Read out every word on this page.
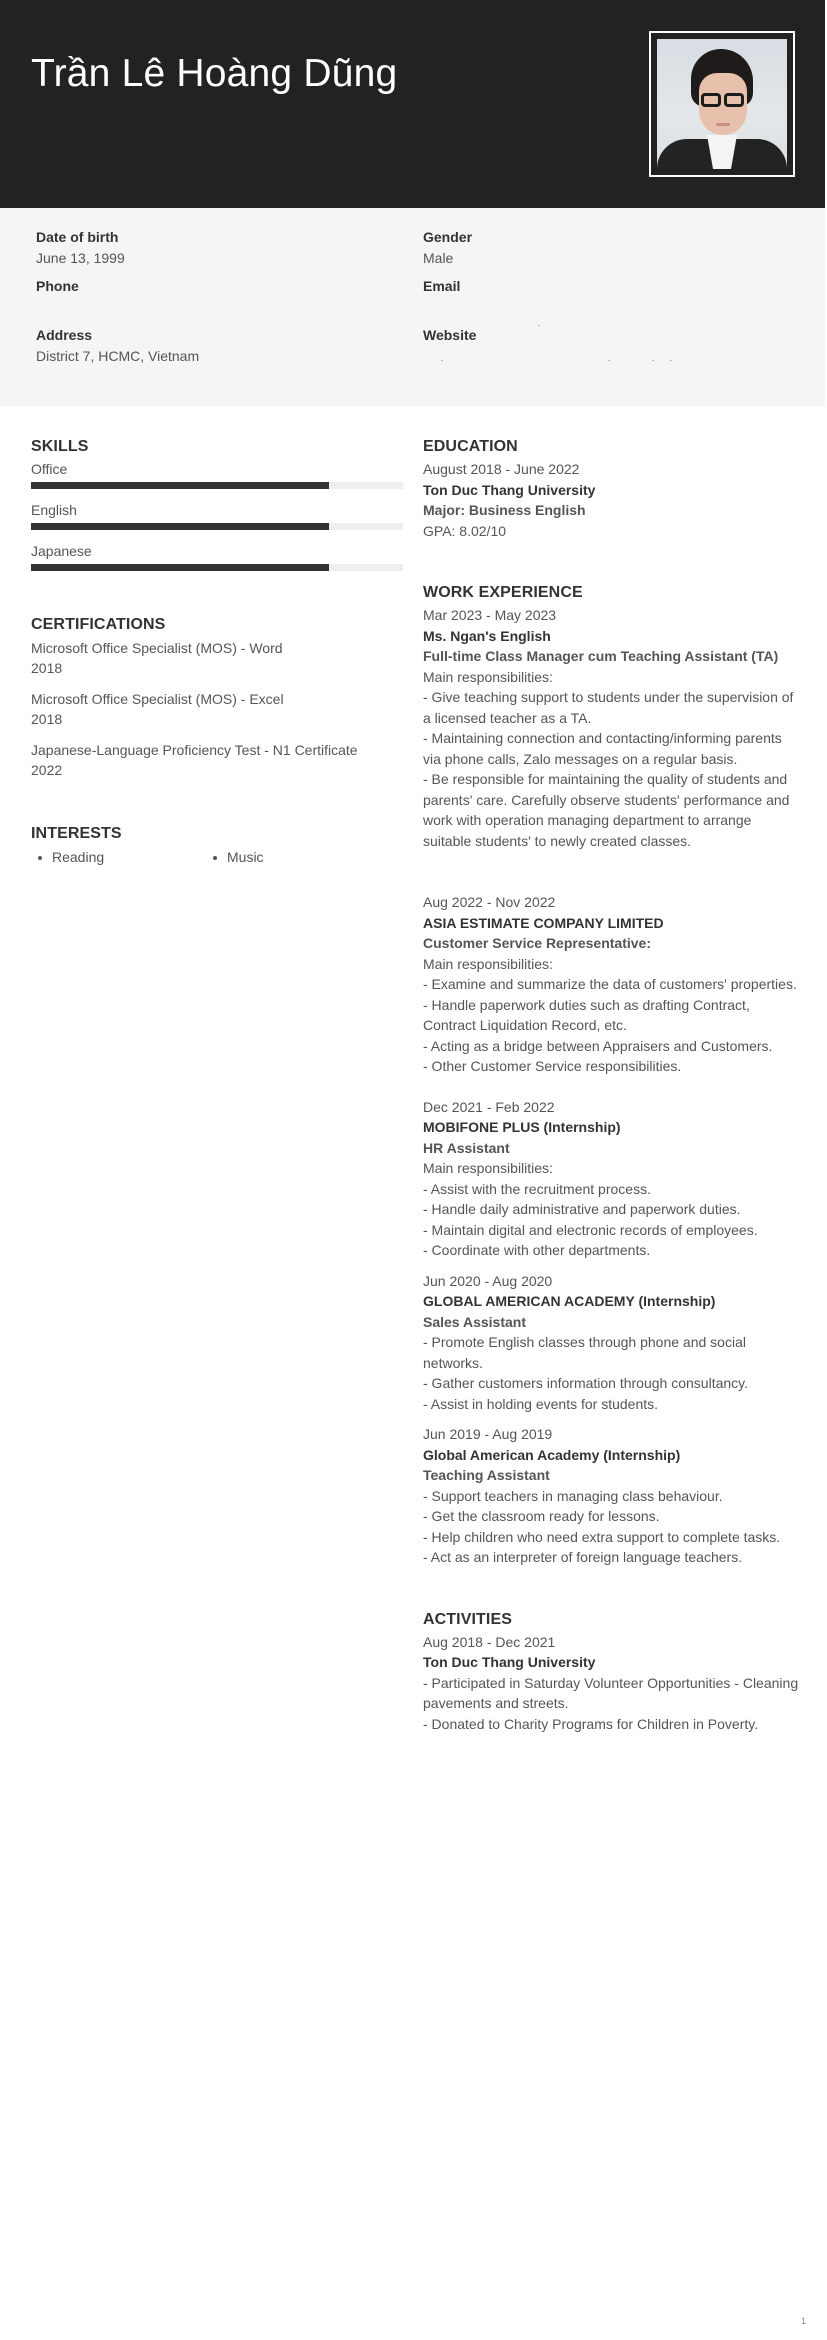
Trần Lê Hoàng Dũng
Date of birth
June 13, 1999
Gender
Male
Phone	Email
Address
District 7, HCMC, Vietnam
Website
SKILLS
Office
English
Japanese
CERTIFICATIONS
Microsoft Office Specialist (MOS) - Word
2018
Microsoft Office Specialist (MOS) - Excel
2018
Japanese-Language Proficiency Test - N1 Certificate
2022
INTERESTS
Reading	Music
EDUCATION
August 2018 - June 2022
Ton Duc Thang University
Major: Business English
GPA: 8.02/10
WORK EXPERIENCE
Mar 2023 - May 2023
Ms. Ngan's English
Full-time Class Manager cum Teaching Assistant (TA)
Main responsibilities:
- Give teaching support to students under the supervision of a licensed teacher as a TA.
- Maintaining connection and contacting/informing parents via phone calls, Zalo messages on a regular basis.
- Be responsible for maintaining the quality of students and parents' care. Carefully observe students' performance and work with operation managing department to arrange suitable students' to newly created classes.
Aug 2022 - Nov 2022
ASIA ESTIMATE COMPANY LIMITED
Customer Service Representative:
Main responsibilities:
- Examine and summarize the data of customers' properties.
- Handle paperwork duties such as drafting Contract, Contract Liquidation Record, etc.
- Acting as a bridge between Appraisers and Customers.
- Other Customer Service responsibilities.
Dec 2021 - Feb 2022
MOBIFONE PLUS (Internship)
HR Assistant
Main responsibilities:
- Assist with the recruitment process.
- Handle daily administrative and paperwork duties.
- Maintain digital and electronic records of employees.
- Coordinate with other departments.
Jun 2020 - Aug 2020
GLOBAL AMERICAN ACADEMY (Internship)
Sales Assistant
- Promote English classes through phone and social networks.
- Gather customers information through consultancy.
- Assist in holding events for students.
Jun 2019 - Aug 2019
Global American Academy (Internship)
Teaching Assistant
- Support teachers in managing class behaviour.
- Get the classroom ready for lessons.
- Help children who need extra support to complete tasks.
- Act as an interpreter of foreign language teachers.
ACTIVITIES
Aug 2018 - Dec 2021
Ton Duc Thang University
- Participated in Saturday Volunteer Opportunities - Cleaning pavements and streets.
- Donated to Charity Programs for Children in Poverty.
1
